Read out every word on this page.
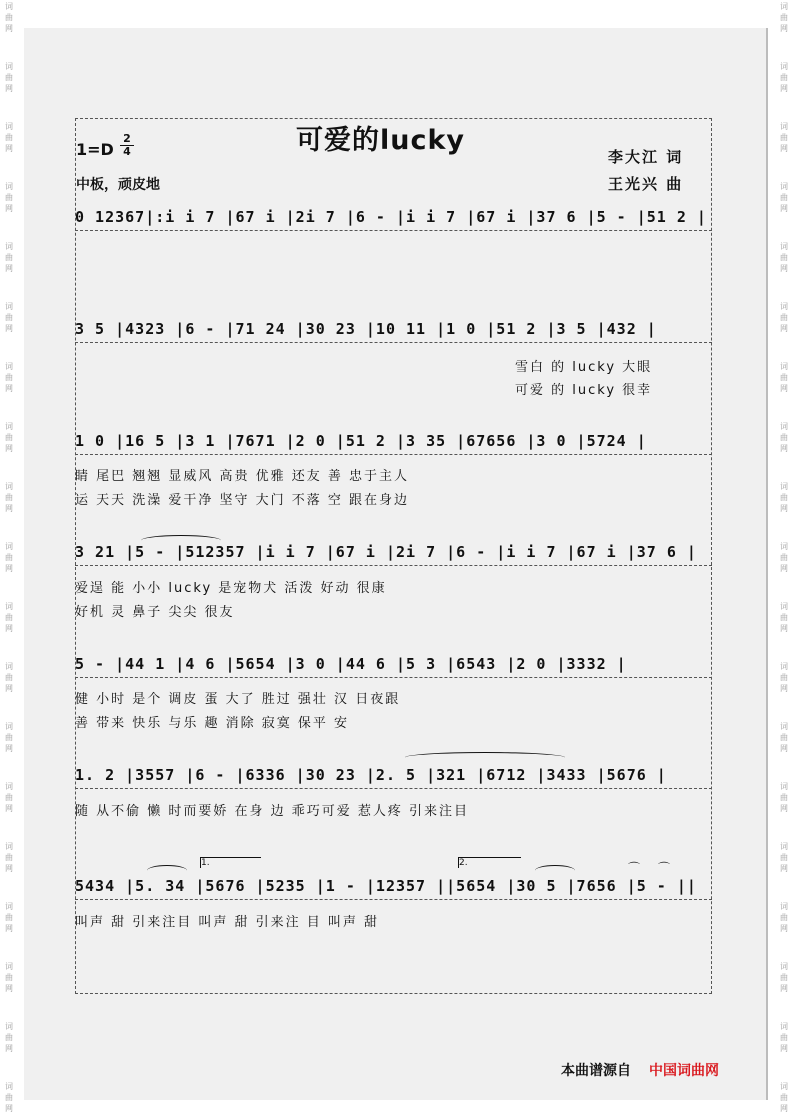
词
曲
网
词
曲
网
词
曲
网
词
曲
网
词
曲
网
词
曲
网
词
曲
网
词
曲
网
词
曲
网
词
曲
网
词
曲
网
词
曲
网
词
曲
网
词
曲
网
词
曲
网
词
曲
网
词
曲
网
词
曲
网
词
曲
网
词
曲
网
词
曲
网
词
曲
网
词
曲
网
词
曲
网
词
曲
网
词
曲
网
词
曲
网
词
曲
网
词
曲
网
词
曲
网
词
曲
网
词
曲
网
词
曲
网
词
曲
网
词
曲
网
词
曲
网
词
曲
网
词
曲
网
可爱的lucky
1=D
2
4
中板，顽皮地
李大江 词
王光兴 曲
0 12367|:i i 7 |67 i |2i 7 |6 - |i i 7 |67 i |37 6 |5 - |51 2 |
3 5 |4323 |6 - |71 24 |30 23 |10 11 |1 0 |51 2 |3 5 |432 |
雪白 的 lucky 大眼
可爱 的 lucky 很幸
1 0 |16 5 |3 1 |7671 |2 0 |51 2 |3 35 |67656 |3 0 |5724 |
睛 尾巴 翘翘 显威风 高贵 优雅 还友 善 忠于主人
运 天天 洗澡 爱干净 坚守 大门 不落 空 跟在身边
3 21 |5 - |512357 |i i 7 |67 i |2i 7 |6 - |i i 7 |67 i |37 6 |
爱逞 能 小小 lucky 是宠物犬 活泼 好动 很康
好机 灵 鼻子 尖尖 很友
5 - |44 1 |4 6 |5654 |3 0 |44 6 |5 3 |6543 |2 0 |3332 |
健 小时 是个 调皮 蛋 大了 胜过 强壮 汉 日夜跟
善 带来 快乐 与乐 趣 消除 寂寞 保平 安
1. 2 |3557 |6 - |6336 |30 23 |2. 5 |321 |6712 |3433 |5676 |
随 从不偷 懒 时而要娇 在身 边 乖巧可爱 惹人疼 引来注目
1.	2.	⌒ ⌒
5434 |5. 34 |5676 |5235 |1 - |12357 ||5654 |30 5 |7656 |5 - ||
叫声 甜 引来注目 叫声 甜 引来注 目 叫声 甜
本曲谱源自 中国词曲网
